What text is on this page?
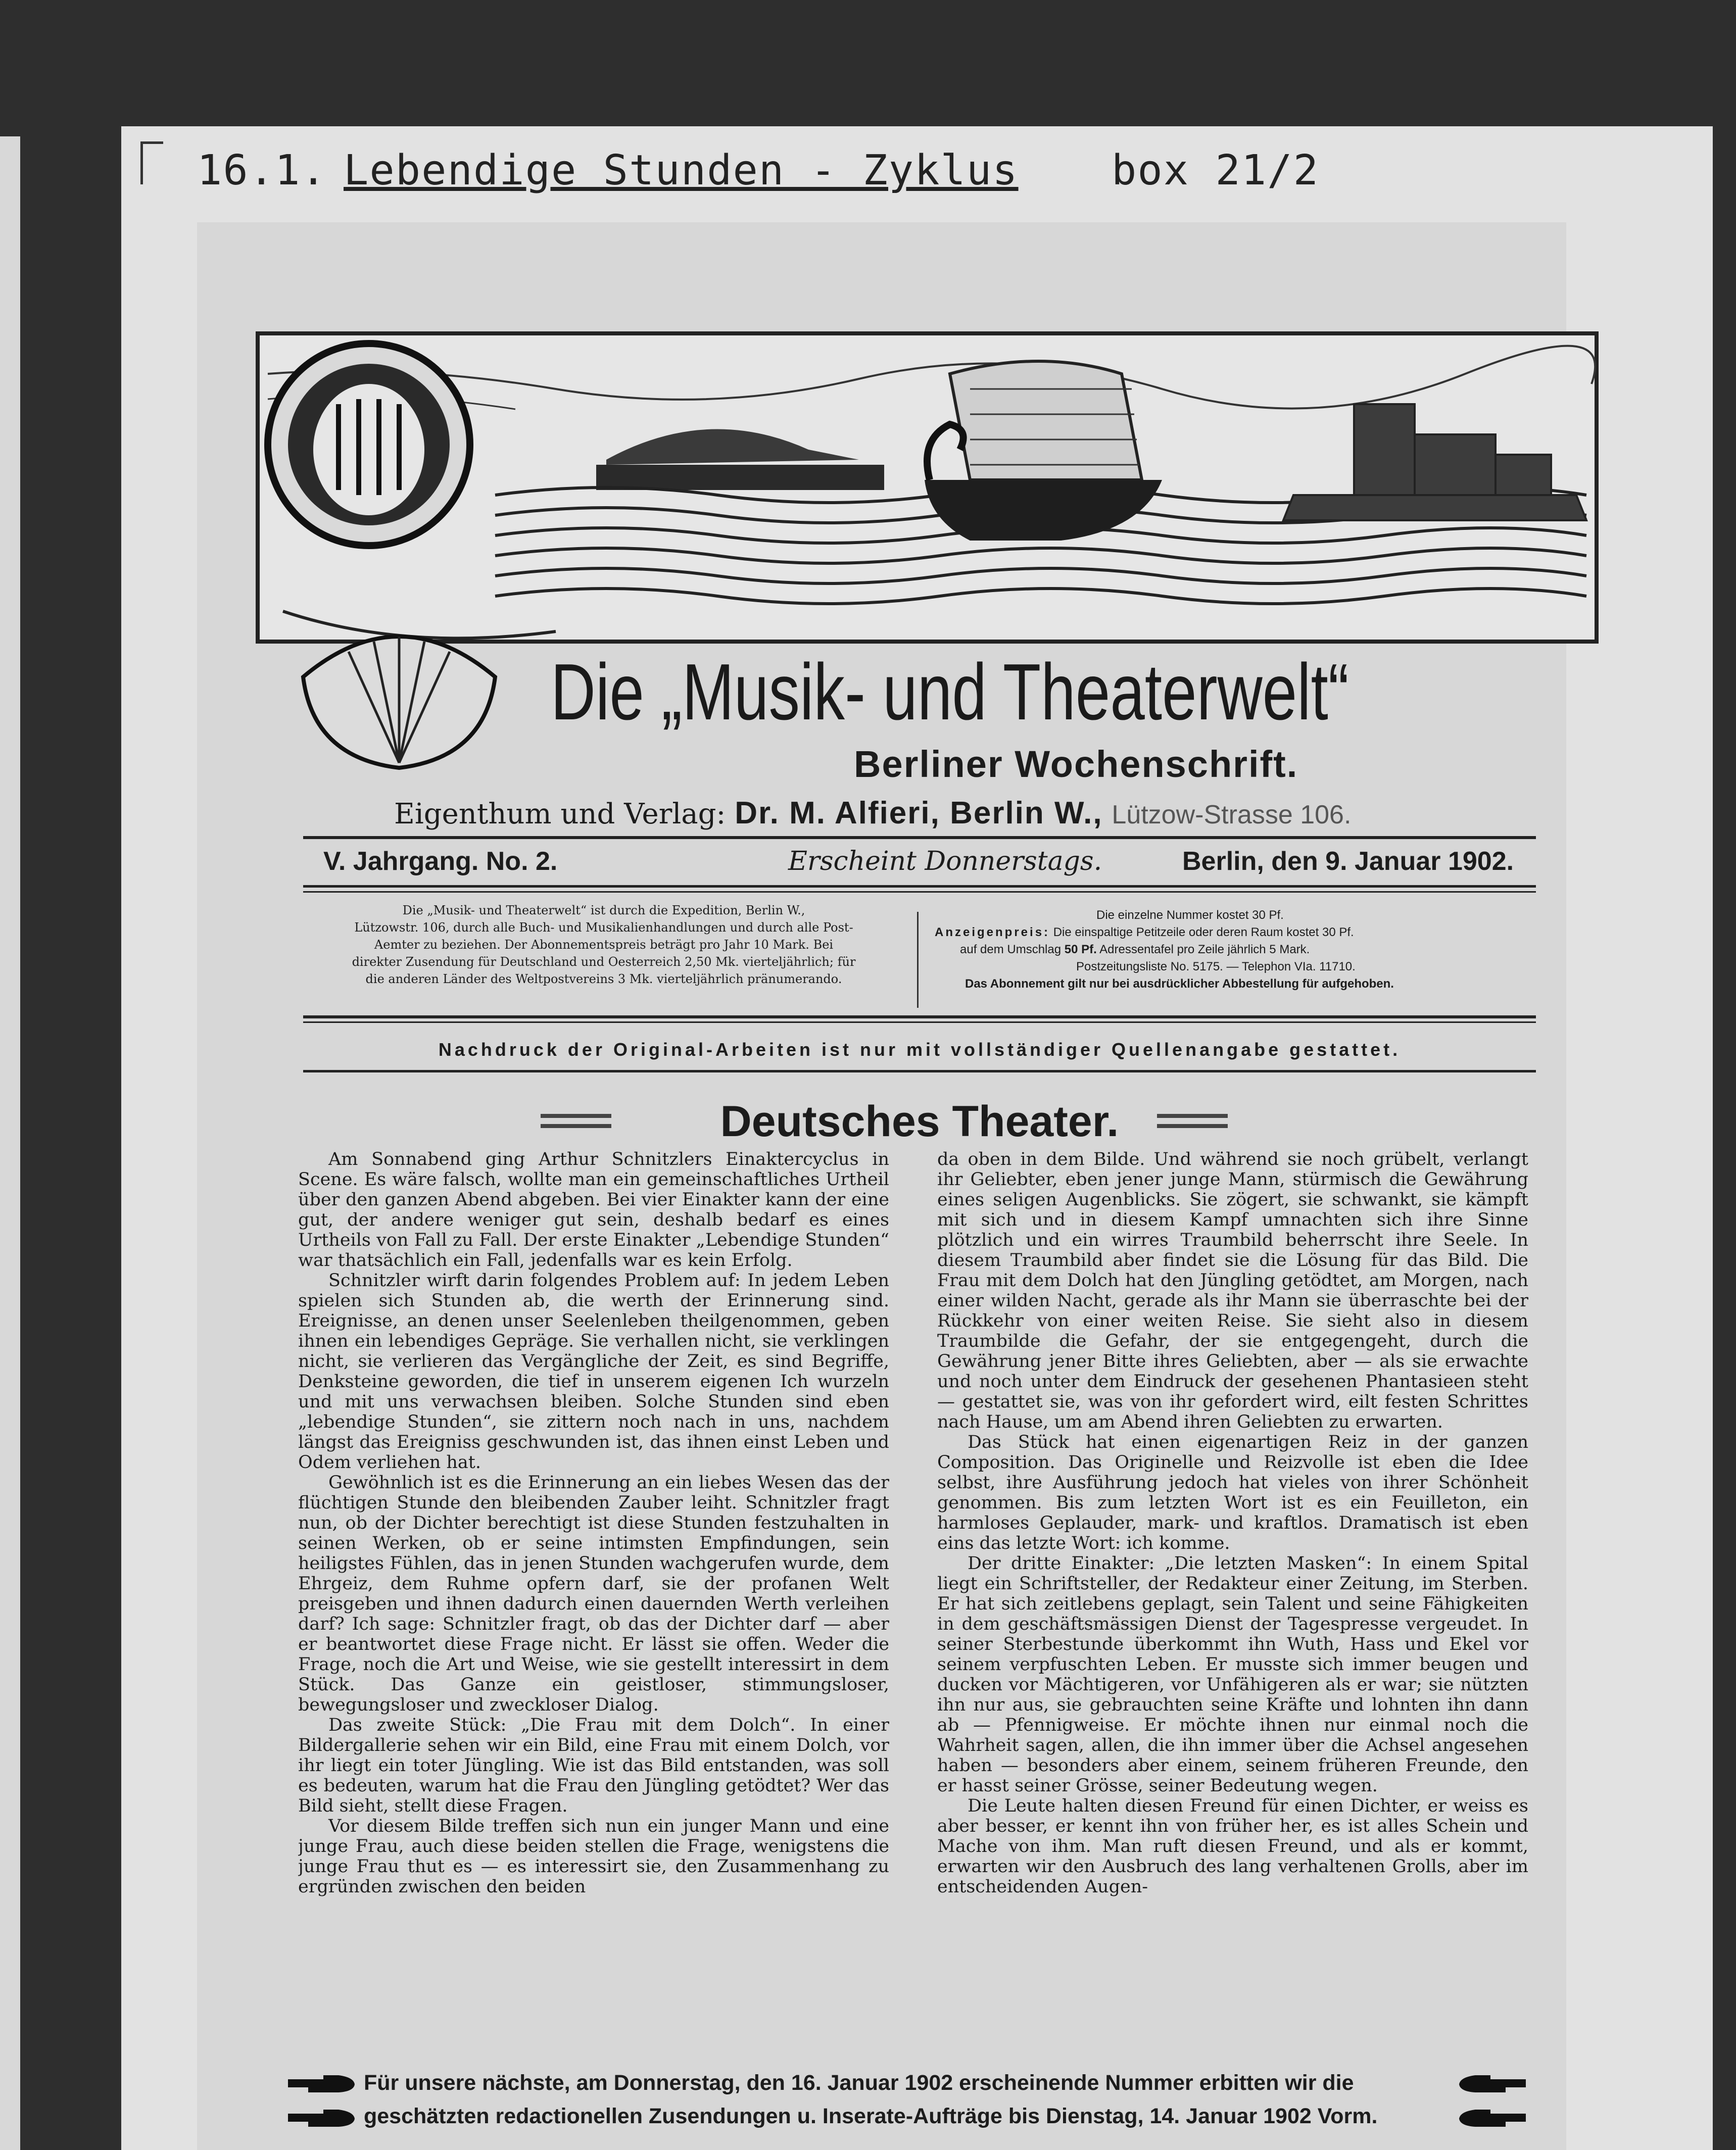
16.1. Lebendige Stunden - Zyklus box 21/2
Die „Musik- und Theaterwelt“
Berliner Wochenschrift.
Eigenthum und Verlag: Dr. M. Alfieri, Berlin W., Lützow-Strasse 106.
V. Jahrgang. No. 2.	Erscheint Donnerstags.	Berlin, den 9. Januar 1902.
Die „Musik- und Theaterwelt“ ist durch die Expedition, Berlin W.,
Lützowstr. 106, durch alle Buch- und Musikalienhandlungen und durch alle Post-
Aemter zu beziehen. Der Abonnementspreis beträgt pro Jahr 10 Mark. Bei
direkter Zusendung für Deutschland und Oesterreich 2,50 Mk. vierteljährlich; für
die anderen Länder des Weltpostvereins 3 Mk. vierteljährlich pränumerando.
Die einzelne Nummer kostet 30 Pf.
Anzeigenpreis: Die einspaltige Petitzeile oder deren Raum kostet 30 Pf.
auf dem Umschlag 50 Pf. Adressentafel pro Zeile jährlich 5 Mark.
Postzeitungsliste No. 5175. — Telephon VIa. 11710.
Das Abonnement gilt nur bei ausdrücklicher Abbestellung für aufgehoben.
Nachdruck der Original-Arbeiten ist nur mit vollständiger Quellenangabe gestattet.
Deutsches Theater.

Am Sonnabend ging Arthur Schnitzlers Einaktercyclus in Scene. Es wäre falsch, wollte man ein gemeinschaftliches Urtheil über den ganzen Abend abgeben. Bei vier Einakter kann der eine gut, der andere weniger gut sein, deshalb bedarf es eines Urtheils von Fall zu Fall. Der erste Einakter „Lebendige Stunden“ war thatsächlich ein Fall, jedenfalls war es kein Erfolg.

Schnitzler wirft darin folgendes Problem auf: In jedem Leben spielen sich Stunden ab, die werth der Erinnerung sind. Ereignisse, an denen unser Seelenleben theilgenommen, geben ihnen ein lebendiges Gepräge. Sie verhallen nicht, sie verklingen nicht, sie verlieren das Vergängliche der Zeit, es sind Begriffe, Denksteine geworden, die tief in unserem eigenen Ich wurzeln und mit uns verwachsen bleiben. Solche Stunden sind eben „lebendige Stunden“, sie zittern noch nach in uns, nachdem längst das Ereigniss geschwunden ist, das ihnen einst Leben und Odem verliehen hat.

Gewöhnlich ist es die Erinnerung an ein liebes Wesen das der flüchtigen Stunde den bleibenden Zauber leiht. Schnitzler fragt nun, ob der Dichter berechtigt ist diese Stunden festzuhalten in seinen Werken, ob er seine intimsten Empfindungen, sein heiligstes Fühlen, das in jenen Stunden wachgerufen wurde, dem Ehrgeiz, dem Ruhme opfern darf, sie der profanen Welt preisgeben und ihnen dadurch einen dauernden Werth verleihen darf? Ich sage: Schnitzler fragt, ob das der Dichter darf — aber er beantwortet diese Frage nicht. Er lässt sie offen. Weder die Frage, noch die Art und Weise, wie sie gestellt interessirt in dem Stück. Das Ganze ein geistloser, stimmungsloser, bewegungsloser und zweckloser Dialog.

Das zweite Stück: „Die Frau mit dem Dolch“. In einer Bildergallerie sehen wir ein Bild, eine Frau mit einem Dolch, vor ihr liegt ein toter Jüngling. Wie ist das Bild entstanden, was soll es bedeuten, warum hat die Frau den Jüngling getödtet? Wer das Bild sieht, stellt diese Fragen.

Vor diesem Bilde treffen sich nun ein junger Mann und eine junge Frau, auch diese beiden stellen die Frage, wenigstens die junge Frau thut es — es interessirt sie, den Zusammenhang zu ergründen zwischen den beiden

da oben in dem Bilde. Und während sie noch grübelt, verlangt ihr Geliebter, eben jener junge Mann, stürmisch die Gewährung eines seligen Augenblicks. Sie zögert, sie schwankt, sie kämpft mit sich und in diesem Kampf umnachten sich ihre Sinne plötzlich und ein wirres Traumbild beherrscht ihre Seele. In diesem Traumbild aber findet sie die Lösung für das Bild. Die Frau mit dem Dolch hat den Jüngling getödtet, am Morgen, nach einer wilden Nacht, gerade als ihr Mann sie überraschte bei der Rückkehr von einer weiten Reise. Sie sieht also in diesem Traumbilde die Gefahr, der sie entgegengeht, durch die Gewährung jener Bitte ihres Geliebten, aber — als sie erwachte und noch unter dem Eindruck der gesehenen Phantasieen steht — gestattet sie, was von ihr gefordert wird, eilt festen Schrittes nach Hause, um am Abend ihren Geliebten zu erwarten.

Das Stück hat einen eigenartigen Reiz in der ganzen Composition. Das Originelle und Reizvolle ist eben die Idee selbst, ihre Ausführung jedoch hat vieles von ihrer Schönheit genommen. Bis zum letzten Wort ist es ein Feuilleton, ein harmloses Geplauder, mark- und kraftlos. Dramatisch ist eben eins das letzte Wort: ich komme.

Der dritte Einakter: „Die letzten Masken“: In einem Spital liegt ein Schriftsteller, der Redakteur einer Zeitung, im Sterben. Er hat sich zeitlebens geplagt, sein Talent und seine Fähigkeiten in dem geschäftsmässigen Dienst der Tagespresse vergeudet. In seiner Sterbestunde überkommt ihn Wuth, Hass und Ekel vor seinem verpfuschten Leben. Er musste sich immer beugen und ducken vor Mächtigeren, vor Unfähigeren als er war; sie nützten ihn nur aus, sie gebrauchten seine Kräfte und lohnten ihn dann ab — Pfennigweise. Er möchte ihnen nur einmal noch die Wahrheit sagen, allen, die ihn immer über die Achsel angesehen haben — besonders aber einem, seinem früheren Freunde, den er hasst seiner Grösse, seiner Bedeutung wegen.

Die Leute halten diesen Freund für einen Dichter, er weiss es aber besser, er kennt ihn von früher her, es ist alles Schein und Mache von ihm. Man ruft diesen Freund, und als er kommt, erwarten wir den Ausbruch des lang verhaltenen Grolls, aber im entscheidenden Augen-

Für unsere nächste, am Donnerstag, den 16. Januar 1902 erscheinende Nummer erbitten wir die
geschätzten redactionellen Zusendungen u. Inserate-Aufträge bis Dienstag, 14. Januar 1902 Vorm.
